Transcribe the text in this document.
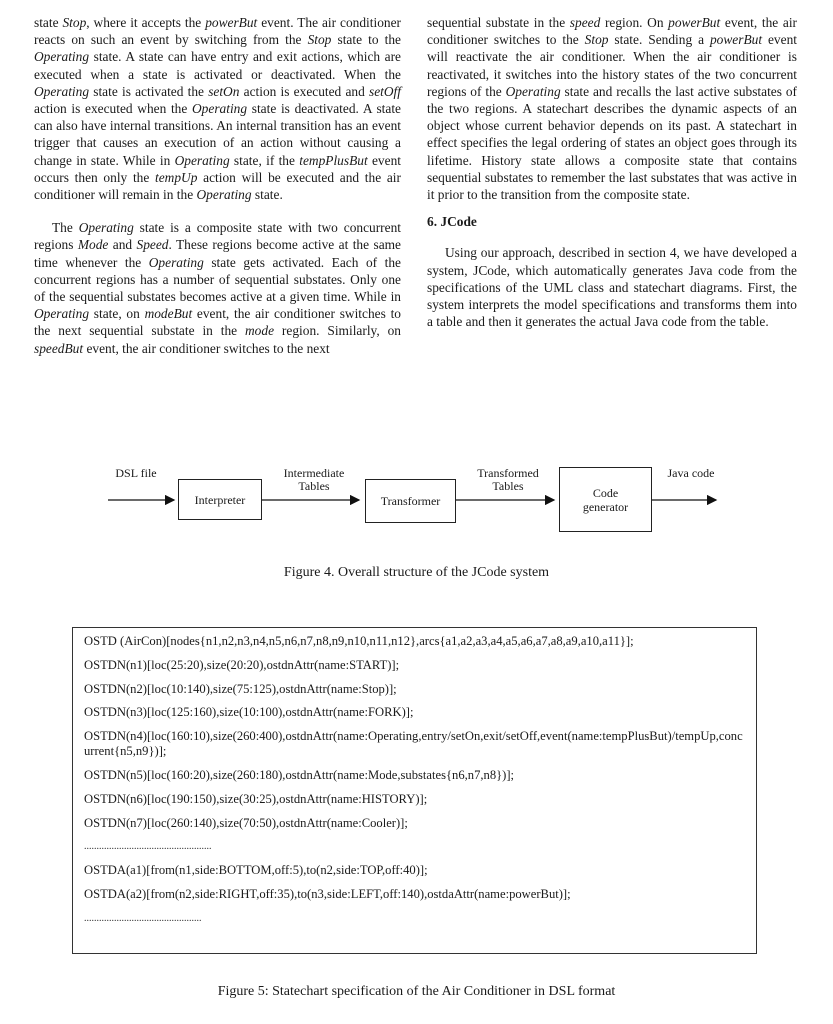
state Stop, where it accepts the powerBut event. The air conditioner reacts on such an event by switching from the Stop state to the Operating state. A state can have entry and exit actions, which are executed when a state is activated or deactivated. When the Operating state is activated the setOn action is executed and setOff action is executed when the Operating state is deactivated. A state can also have internal transitions. An internal transition has an event trigger that causes an execution of an action without causing a change in state. While in Operating state, if the tempPlusBut event occurs then only the tempUp action will be executed and the air conditioner will remain in the Operating state.

The Operating state is a composite state with two concurrent regions Mode and Speed. These regions become active at the same time whenever the Operating state gets activated. Each of the concurrent regions has a number of sequential substates. Only one of the sequential substates becomes active at a given time. While in Operating state, on modeBut event, the air conditioner switches to the next sequential substate in the mode region. Similarly, on speedBut event, the air conditioner switches to the next

sequential substate in the speed region. On powerBut event, the air conditioner switches to the Stop state. Sending a powerBut event will reactivate the air conditioner. When the air conditioner is reactivated, it switches into the history states of the two concurrent regions of the Operating state and recalls the last active substates of the two regions. A statechart describes the dynamic aspects of an object whose current behavior depends on its past. A statechart in effect specifies the legal ordering of states an object goes through its lifetime. History state allows a composite state that contains sequential substates to remember the last substates that was active in it prior to the transition from the composite state.

6. JCode

Using our approach, described in section 4, we have developed a system, JCode, which automatically generates Java code from the specifications of the UML class and statechart diagrams. First, the system interprets the model specifications and transforms them into a table and then it generates the actual Java code from the table.

DSL file
Interpreter
Intermediate Tables
Transformer
Transformed Tables	Code generator
Java code
Figure 4. Overall structure of the JCode system
OSTD (AirCon)[nodes{n1,n2,n3,n4,n5,n6,n7,n8,n9,n10,n11,n12},arcs{a1,a2,a3,a4,a5,a6,a7,a8,a9,a10,a11}];
OSTDN(n1)[loc(25:20),size(20:20),ostdnAttr(name:START)];
OSTDN(n2)[loc(10:140),size(75:125),ostdnAttr(name:Stop)];
OSTDN(n3)[loc(125:160),size(10:100),ostdnAttr(name:FORK)];
OSTDN(n4)[loc(160:10),size(260:400),ostdnAttr(name:Operating,entry/setOn,exit/setOff,event(name:tempPlusBut)/tempUp,concurrent{n5,n9})];
OSTDN(n5)[loc(160:20),size(260:180),ostdnAttr(name:Mode,substates{n6,n7,n8})];
OSTDN(n6)[loc(190:150),size(30:25),ostdnAttr(name:HISTORY)];
OSTDN(n7)[loc(260:140),size(70:50),ostdnAttr(name:Cooler)];
...................................................
OSTDA(a1)[from(n1,side:BOTTOM,off:5),to(n2,side:TOP,off:40)];
OSTDA(a2)[from(n2,side:RIGHT,off:35),to(n3,side:LEFT,off:140),ostdaAttr(name:powerBut)];
...............................................
Figure 5: Statechart specification of the Air Conditioner in DSL format
